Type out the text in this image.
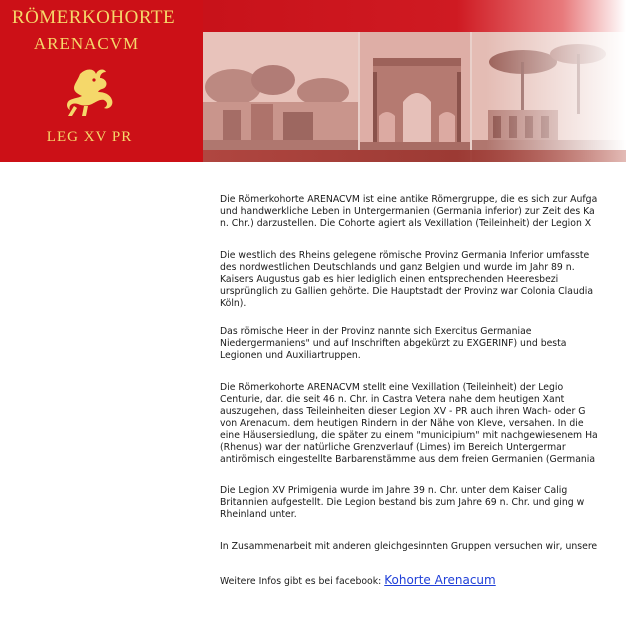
RÖMERKOHORTE
ARENACVM
LEG XV PR
Die Römerkohorte ARENACVM ist eine antike Römergruppe, die es sich zur Aufga
und handwerkliche Leben in Untergermanien (Germania inferior) zur Zeit des Ka
n. Chr.) darzustellen. Die Cohorte agiert als Vexillation (Teileinheit) der Legion X
Die westlich des Rheins gelegene römische Provinz Germania Inferior umfasste
des nordwestlichen Deutschlands und ganz Belgien und wurde im Jahr 89 n.
Kaisers Augustus gab es hier lediglich einen entsprechenden Heeresbezi
ursprünglich zu Gallien gehörte. Die Hauptstadt der Provinz war Colonia Claudia
Köln).
Das römische Heer in der Provinz nannte sich Exercitus Germaniae
Niedergermaniens" und auf Inschriften abgekürzt zu EXGERINF) und besta
Legionen und Auxiliartruppen.
Die Römerkohorte ARENACVM stellt eine Vexillation (Teileinheit) der Legio
Centurie, dar. die seit 46 n. Chr. in Castra Vetera nahe dem heutigen Xant
auszugehen, dass Teileinheiten dieser Legion XV - PR auch ihren Wach- oder G
von Arenacum. dem heutigen Rindern in der Nähe von Kleve, versahen. In die
eine Häusersiedlung, die später zu einem "municipium" mit nachgewiesenem Ha
(Rhenus) war der natürliche Grenzverlauf (Limes) im Bereich Untergermar
antirömisch eingestellte Barbarenstämme aus dem freien Germanien (Germania
Die Legion XV Primigenia wurde im Jahre 39 n. Chr. unter dem Kaiser Calig
Britannien aufgestellt. Die Legion bestand bis zum Jahre 69 n. Chr. und ging w
Rheinland unter.
In Zusammenarbeit mit anderen gleichgesinnten Gruppen versuchen wir, unsere
Weitere Infos gibt es bei facebook: Kohorte Arenacum
